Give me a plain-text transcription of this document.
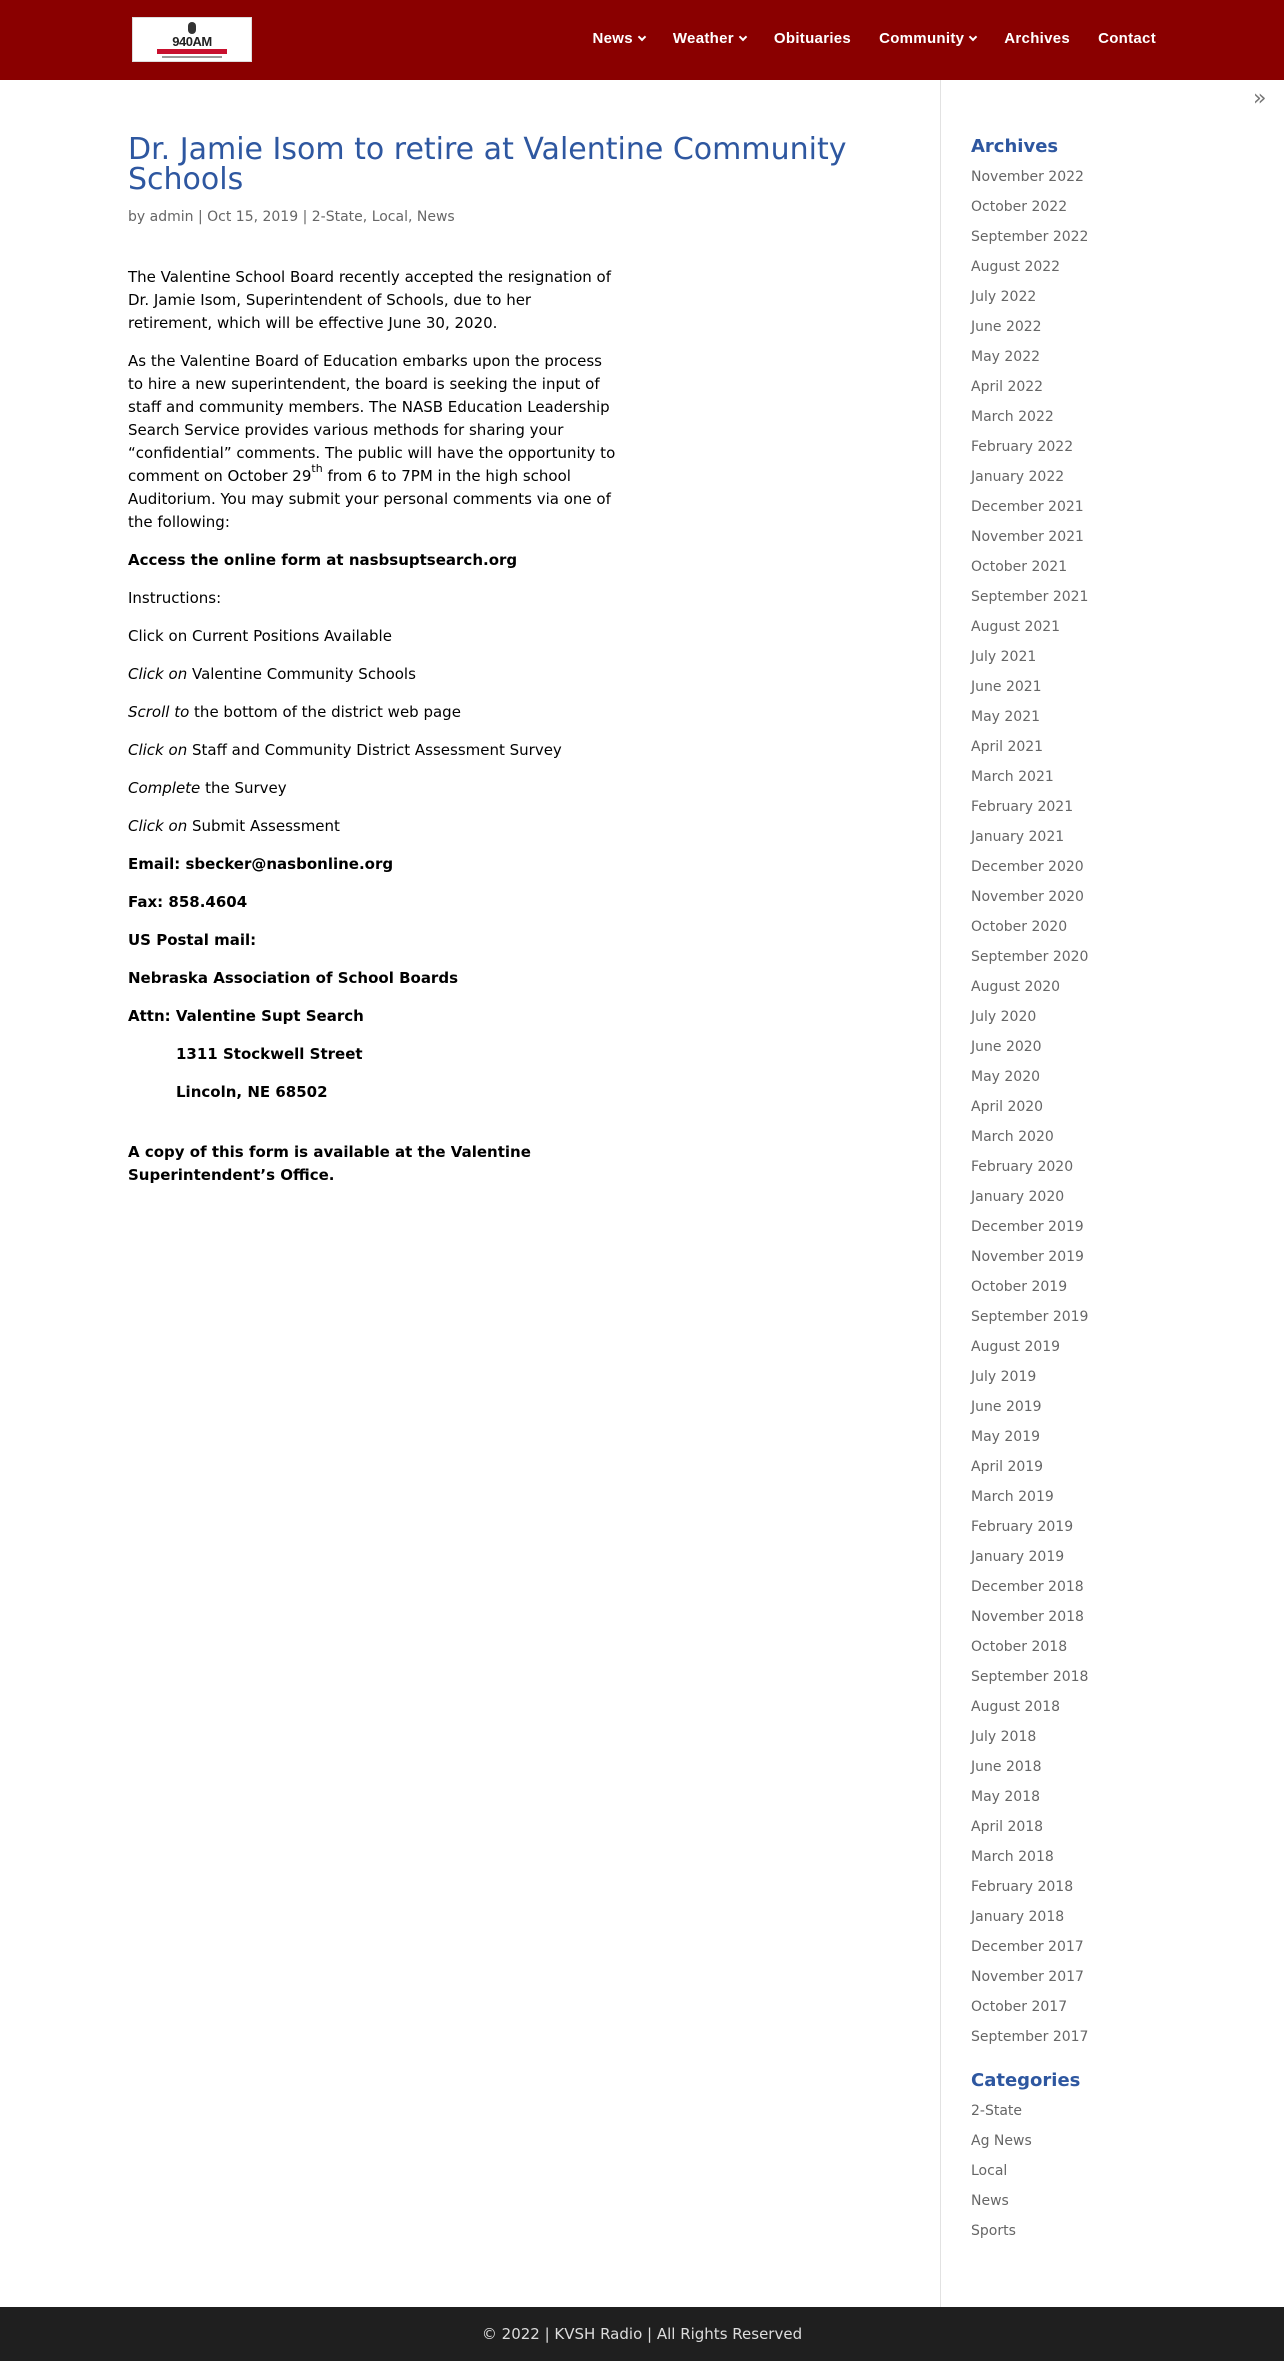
940AM	News	Weather	Obituaries Community	Archives Contact
»
Dr. Jamie Isom to retire at Valentine Community Schools
by admin | Oct 15, 2019 | 2-State, Local, News

The Valentine School Board recently accepted the resignation of Dr. Jamie Isom, Superintendent of Schools, due to her retirement, which will be effective June 30, 2020.

As the Valentine Board of Education embarks upon the process to hire a new superintendent, the board is seeking the input of staff and community members. The NASB Education Leadership Search Service provides various methods for sharing your “confidential” comments. The public will have the opportunity to comment on October 29th from 6 to 7PM in the high school Auditorium. You may submit your personal comments via one of the following:

Access the online form at nasbsuptsearch.org

Instructions:

Click on Current Positions Available

Click on Valentine Community Schools

Scroll to the bottom of the district web page

Click on Staff and Community District Assessment Survey

Complete the Survey

Click on Submit Assessment

Email: sbecker@nasbonline.org

Fax: 858.4604

US Postal mail:

Nebraska Association of School Boards

Attn: Valentine Supt Search

1311 Stockwell Street

Lincoln, NE 68502

A copy of this form is available at the Valentine Superintendent’s Office.

Archives
November 2022
October 2022
September 2022
August 2022
July 2022
June 2022
May 2022
April 2022
March 2022
February 2022
January 2022
December 2021
November 2021
October 2021
September 2021
August 2021
July 2021
June 2021
May 2021
April 2021
March 2021
February 2021
January 2021
December 2020
November 2020
October 2020
September 2020
August 2020
July 2020
June 2020
May 2020
April 2020
March 2020
February 2020
January 2020
December 2019
November 2019
October 2019
September 2019
August 2019
July 2019
June 2019
May 2019
April 2019
March 2019
February 2019
January 2019
December 2018
November 2018
October 2018
September 2018
August 2018
July 2018
June 2018
May 2018
April 2018
March 2018
February 2018
January 2018
December 2017
November 2017
October 2017
September 2017
Categories
2-State
Ag News
Local
News
Sports
© 2022 | KVSH Radio | All Rights Reserved
